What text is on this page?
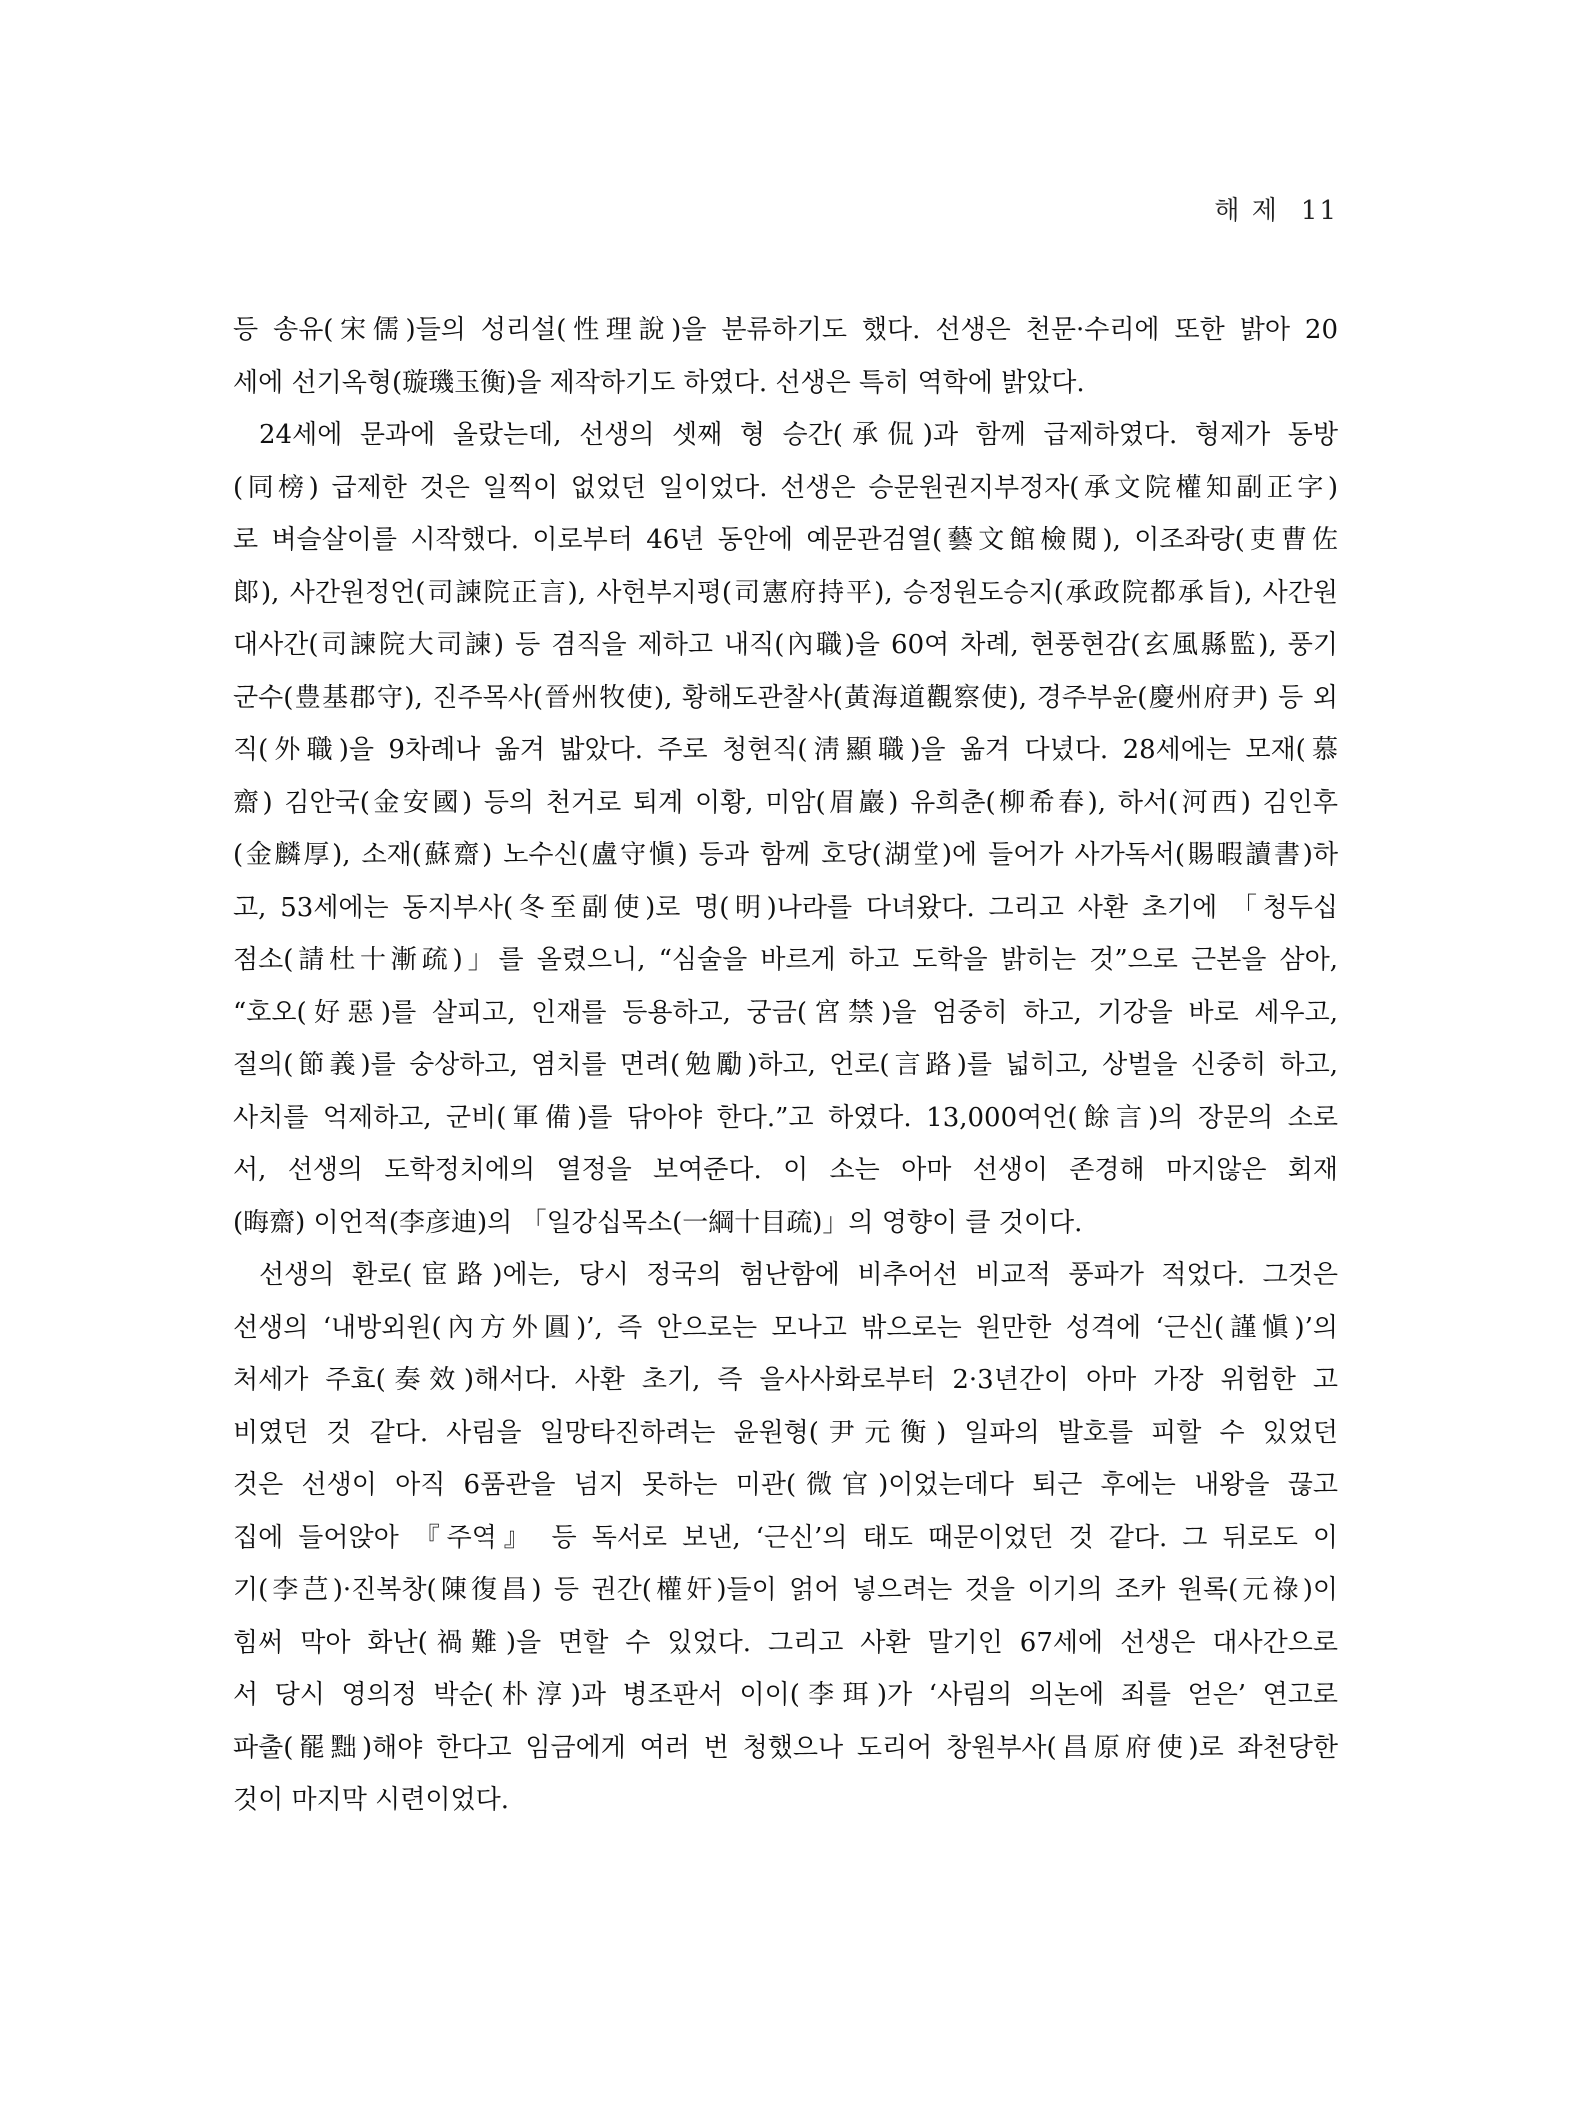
해 제 11
등 송유(宋儒)들의 성리설(性理說)을 분류하기도 했다. 선생은 천문·수리에 또한 밝아 20
세에 선기옥형(璇璣玉衡)을 제작하기도 하였다. 선생은 특히 역학에 밝았다.
24세에 문과에 올랐는데, 선생의 셋째 형 승간(承侃)과 함께 급제하였다. 형제가 동방
(同榜) 급제한 것은 일찍이 없었던 일이었다. 선생은 승문원권지부정자(承文院權知副正字)
로 벼슬살이를 시작했다. 이로부터 46년 동안에 예문관검열(藝文館檢閱), 이조좌랑(吏曹佐
郞), 사간원정언(司諫院正言), 사헌부지평(司憲府持平), 승정원도승지(承政院都承旨), 사간원
대사간(司諫院大司諫) 등 겸직을 제하고 내직(內職)을 60여 차례, 현풍현감(玄風縣監), 풍기
군수(豊基郡守), 진주목사(晉州牧使), 황해도관찰사(黃海道觀察使), 경주부윤(慶州府尹) 등 외
직(外職)을 9차례나 옮겨 밟았다. 주로 청현직(淸顯職)을 옮겨 다녔다. 28세에는 모재(慕
齋) 김안국(金安國) 등의 천거로 퇴계 이황, 미암(眉巖) 유희춘(柳希春), 하서(河西) 김인후
(金麟厚), 소재(蘇齋) 노수신(盧守愼) 등과 함께 호당(湖堂)에 들어가 사가독서(賜暇讀書)하
고, 53세에는 동지부사(冬至副使)로 명(明)나라를 다녀왔다. 그리고 사환 초기에 「청두십
점소(請杜十漸疏)」를 올렸으니, “심술을 바르게 하고 도학을 밝히는 것”으로 근본을 삼아,
“호오(好惡)를 살피고, 인재를 등용하고, 궁금(宮禁)을 엄중히 하고, 기강을 바로 세우고,
절의(節義)를 숭상하고, 염치를 면려(勉勵)하고, 언로(言路)를 넓히고, 상벌을 신중히 하고,
사치를 억제하고, 군비(軍備)를 닦아야 한다.”고 하였다. 13,000여언(餘言)의 장문의 소로
서, 선생의 도학정치에의 열정을 보여준다. 이 소는 아마 선생이 존경해 마지않은 회재
(晦齋) 이언적(李彦迪)의 「일강십목소(一綱十目疏)」의 영향이 클 것이다.
선생의 환로(宦路)에는, 당시 정국의 험난함에 비추어선 비교적 풍파가 적었다. 그것은
선생의 ‘내방외원(內方外圓)’, 즉 안으로는 모나고 밖으로는 원만한 성격에 ‘근신(謹愼)’의
처세가 주효(奏效)해서다. 사환 초기, 즉 을사사화로부터 2·3년간이 아마 가장 위험한 고
비였던 것 같다. 사림을 일망타진하려는 윤원형(尹元衡) 일파의 발호를 피할 수 있었던
것은 선생이 아직 6품관을 넘지 못하는 미관(微官)이었는데다 퇴근 후에는 내왕을 끊고
집에 들어앉아 『주역』 등 독서로 보낸, ‘근신’의 태도 때문이었던 것 같다. 그 뒤로도 이
기(李芑)·진복창(陳復昌) 등 권간(權奸)들이 얽어 넣으려는 것을 이기의 조카 원록(元祿)이
힘써 막아 화난(禍難)을 면할 수 있었다. 그리고 사환 말기인 67세에 선생은 대사간으로
서 당시 영의정 박순(朴淳)과 병조판서 이이(李珥)가 ‘사림의 의논에 죄를 얻은’ 연고로
파출(罷黜)해야 한다고 임금에게 여러 번 청했으나 도리어 창원부사(昌原府使)로 좌천당한
것이 마지막 시련이었다.
